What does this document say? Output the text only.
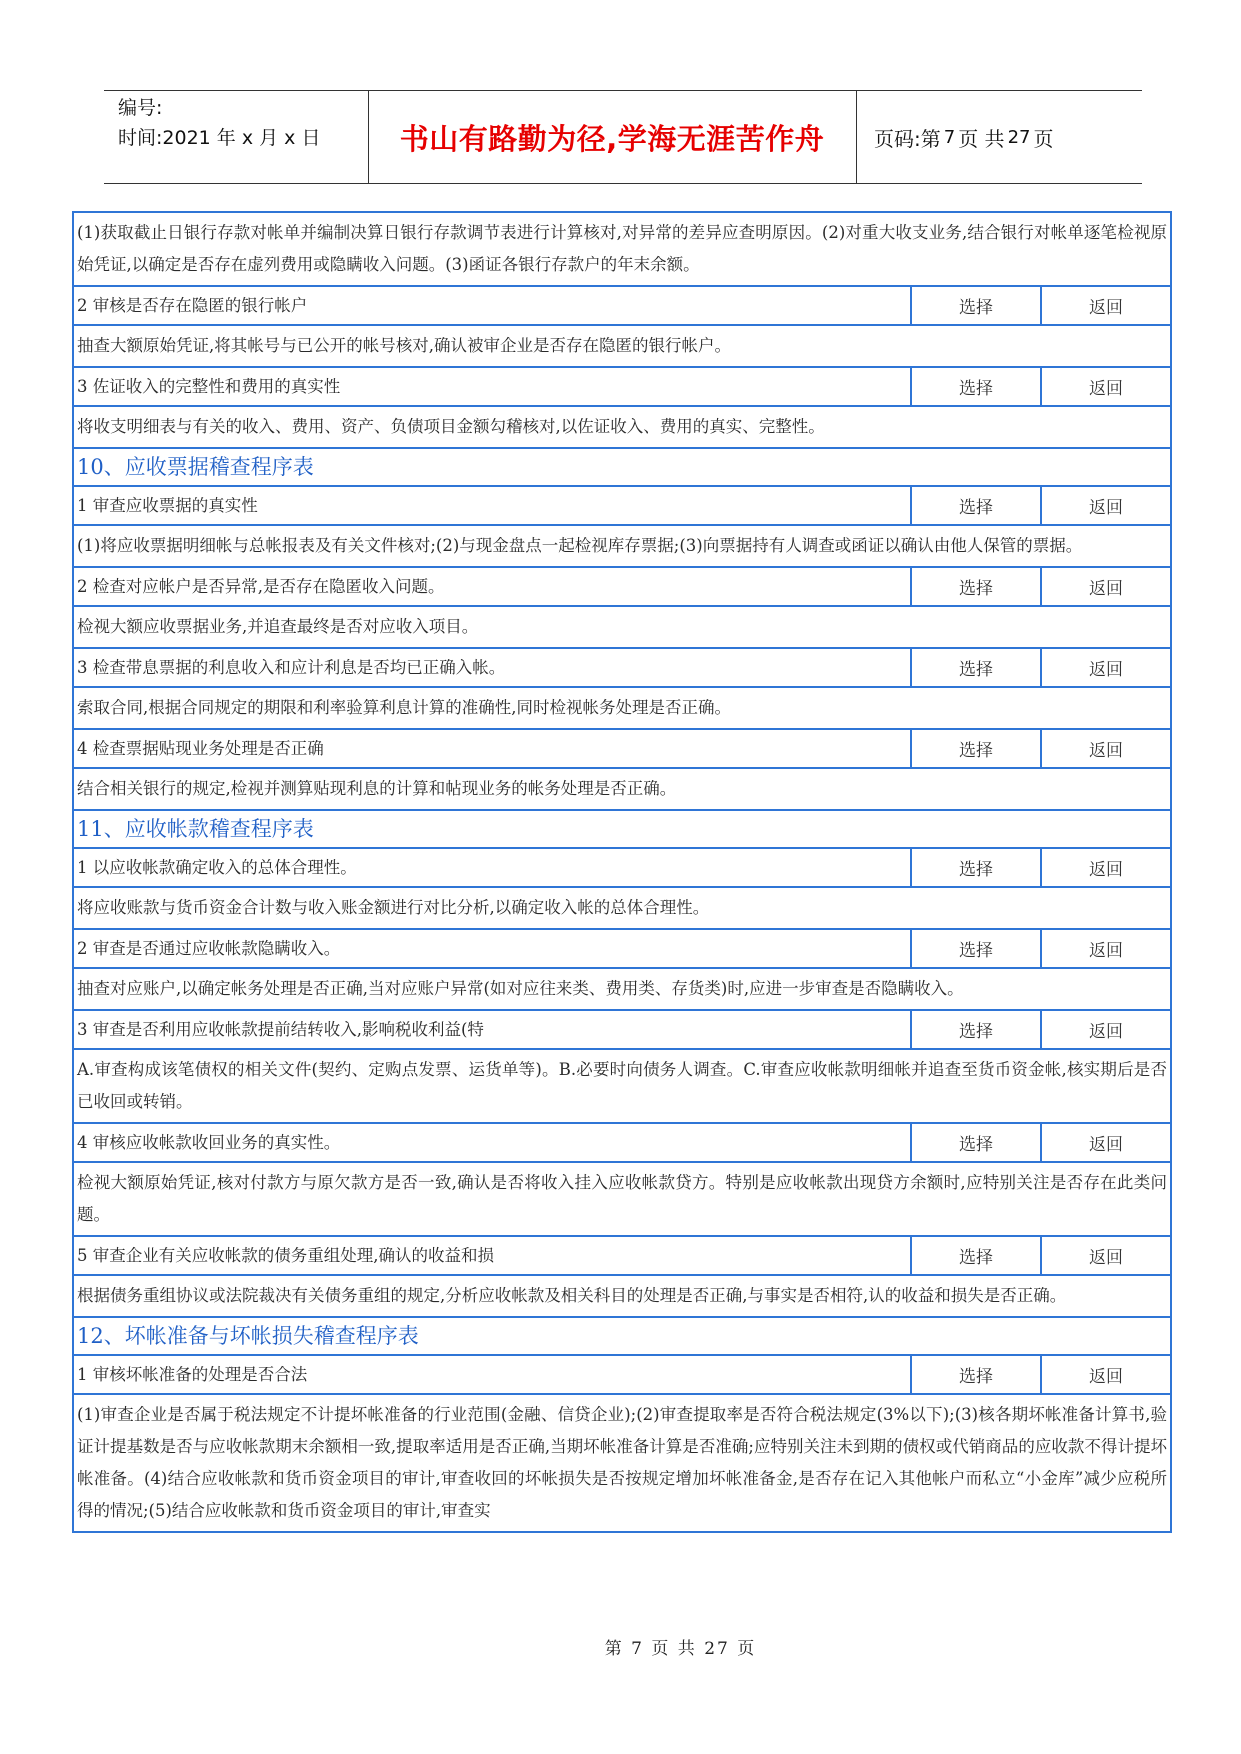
编号:
时间:2021 年 x 月 x 日	书山有路勤为径,学海无涯苦作舟	页码:第 7 页 共 27 页
(1)获取截止日银行存款对帐单并编制决算日银行存款调节表进行计算核对,对异常的差异应查明原因。(2)对重大收支业务,结合银行对帐单逐笔检视原始凭证,以确定是否存在虚列费用或隐瞒收入问题。(3)函证各银行存款户的年末余额。
2 审核是否存在隐匿的银行帐户	选择	返回
抽查大额原始凭证,将其帐号与已公开的帐号核对,确认被审企业是否存在隐匿的银行帐户。
3 佐证收入的完整性和费用的真实性	选择	返回
将收支明细表与有关的收入、费用、资产、负债项目金额勾稽核对,以佐证收入、费用的真实、完整性。
10、应收票据稽查程序表
1 审查应收票据的真实性	选择	返回
(1)将应收票据明细帐与总帐报表及有关文件核对;(2)与现金盘点一起检视库存票据;(3)向票据持有人调查或函证以确认由他人保管的票据。
2 检查对应帐户是否异常,是否存在隐匿收入问题。	选择	返回
检视大额应收票据业务,并追查最终是否对应收入项目。
3 检查带息票据的利息收入和应计利息是否均已正确入帐。	选择	返回
索取合同,根据合同规定的期限和利率验算利息计算的准确性,同时检视帐务处理是否正确。
4 检查票据贴现业务处理是否正确	选择	返回
结合相关银行的规定,检视并测算贴现利息的计算和帖现业务的帐务处理是否正确。
11、应收帐款稽查程序表
1 以应收帐款确定收入的总体合理性。	选择	返回
将应收账款与货币资金合计数与收入账金额进行对比分析,以确定收入帐的总体合理性。
2 审查是否通过应收帐款隐瞒收入。	选择	返回
抽查对应账户,以确定帐务处理是否正确,当对应账户异常(如对应往来类、费用类、存货类)时,应进一步审查是否隐瞒收入。
3 审查是否利用应收帐款提前结转收入,影响税收利益(特	选择	返回
A.审查构成该笔债权的相关文件(契约、定购点发票、运货单等)。B.必要时向债务人调查。C.审查应收帐款明细帐并追查至货币资金帐,核实期后是否已收回或转销。
4 审核应收帐款收回业务的真实性。	选择	返回
检视大额原始凭证,核对付款方与原欠款方是否一致,确认是否将收入挂入应收帐款贷方。特别是应收帐款出现贷方余额时,应特别关注是否存在此类问题。
5 审查企业有关应收帐款的债务重组处理,确认的收益和损	选择	返回
根据债务重组协议或法院裁决有关债务重组的规定,分析应收帐款及相关科目的处理是否正确,与事实是否相符,认的收益和损失是否正确。
12、坏帐准备与坏帐损失稽查程序表
1 审核坏帐准备的处理是否合法	选择	返回
(1)审查企业是否属于税法规定不计提坏帐准备的行业范围(金融、信贷企业);(2)审查提取率是否符合税法规定(3%以下);(3)核各期坏帐准备计算书,验证计提基数是否与应收帐款期末余额相一致,提取率适用是否正确,当期坏帐准备计算是否准确;应特别关注未到期的债权或代销商品的应收款不得计提坏帐准备。(4)结合应收帐款和货币资金项目的审计,审查收回的坏帐损失是否按规定增加坏帐准备金,是否存在记入其他帐户而私立“小金库”减少应税所得的情况;(5)结合应收帐款和货币资金项目的审计,审查实
第 7 页 共 27 页
